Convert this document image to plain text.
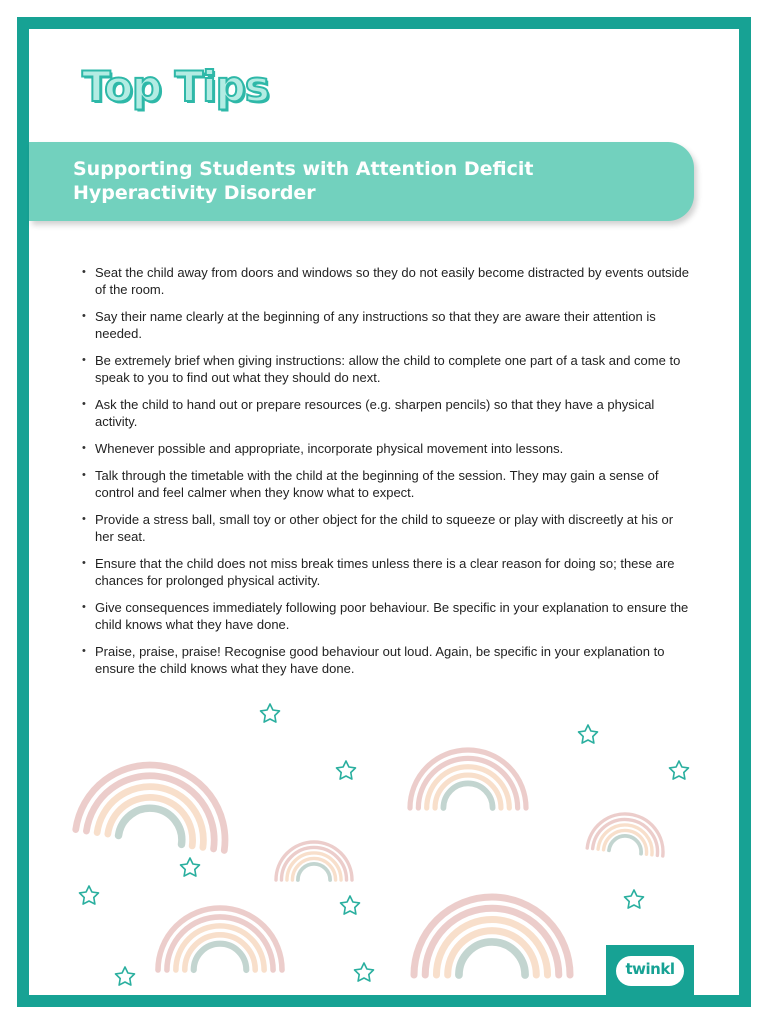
Top Tips
Supporting Students with Attention Deficit
Hyperactivity Disorder
• Seat the child away from doors and windows so they do not easily become distracted by events outside of the room.
• Say their name clearly at the beginning of any instructions so that they are aware their attention is needed.
• Be extremely brief when giving instructions: allow the child to complete one part of a task and come to speak to you to find out what they should do next.
• Ask the child to hand out or prepare resources (e.g. sharpen pencils) so that they have a physical activity.
• Whenever possible and appropriate, incorporate physical movement into lessons.
• Talk through the timetable with the child at the beginning of the session. They may gain a sense of control and feel calmer when they know what to expect.
• Provide a stress ball, small toy or other object for the child to squeeze or play with discreetly at his or her seat.
• Ensure that the child does not miss break times unless there is a clear reason for doing so; these are chances for prolonged physical activity.
• Give consequences immediately following poor behaviour. Be specific in your explanation to ensure the child knows what they have done.
• Praise, praise, praise! Recognise good behaviour out loud. Again, be specific in your explanation to ensure the child knows what they have done.
twinkl
